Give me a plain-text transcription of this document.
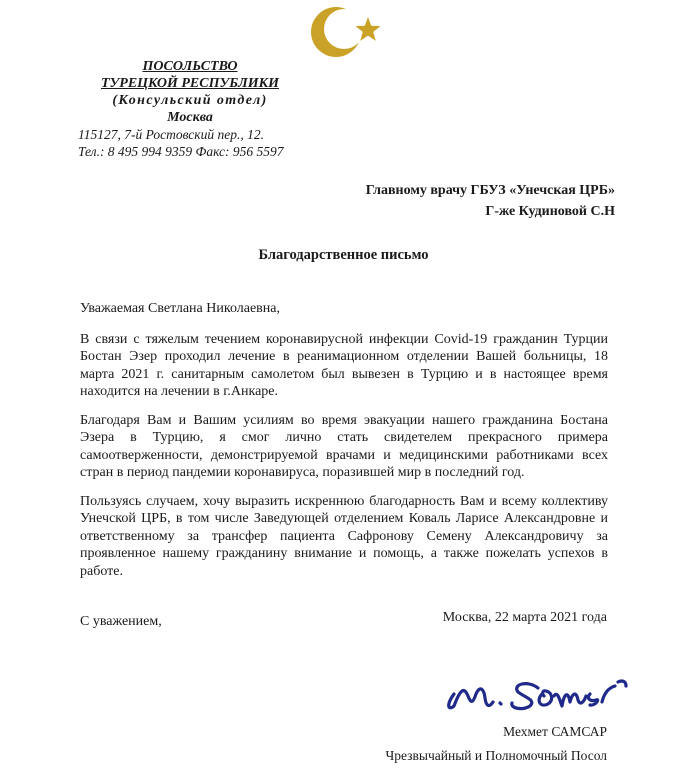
ПОСОЛЬСТВО
ТУРЕЦКОЙ РЕСПУБЛИКИ
(Консульский отдел)
Москва
115127, 7-й Ростовский пер., 12.
Тел.: 8 495 994 9359 Факс: 956 5597
Главному врачу ГБУЗ «Унечская ЦРБ»
Г-же Кудиновой С.Н
Благодарственное письмо

Уважаемая Светлана Николаевна,

В связи с тяжелым течением коронавирусной инфекции Covid-19 гражданин Турции Бостан Эзер проходил лечение в реанимационном отделении Вашей больницы, 18 марта 2021 г. санитарным самолетом был вывезен в Турцию и в настоящее время находится на лечении в г.Анкаре.

Благодаря Вам и Вашим усилиям во время эвакуации нашего гражданина Бостана Эзера в Турцию, я смог лично стать свидетелем прекрасного примера самоотверженности, демонстрируемой врачами и медицинскими работниками всех стран в период пандемии коронавируса, поразившей мир в последний год.

Пользуясь случаем, хочу выразить искреннюю благодарность Вам и всему коллективу Унечской ЦРБ, в том числе Заведующей отделением Коваль Ларисе Александровне и ответственному за трансфер пациента Сафронову Семену Александровичу за проявленное нашему гражданину внимание и помощь, а также пожелать успехов в работе.

С уважением,	Москва, 22 марта 2021 года
Мехмет САМСАР
Чрезвычайный и Полномочный Посол
